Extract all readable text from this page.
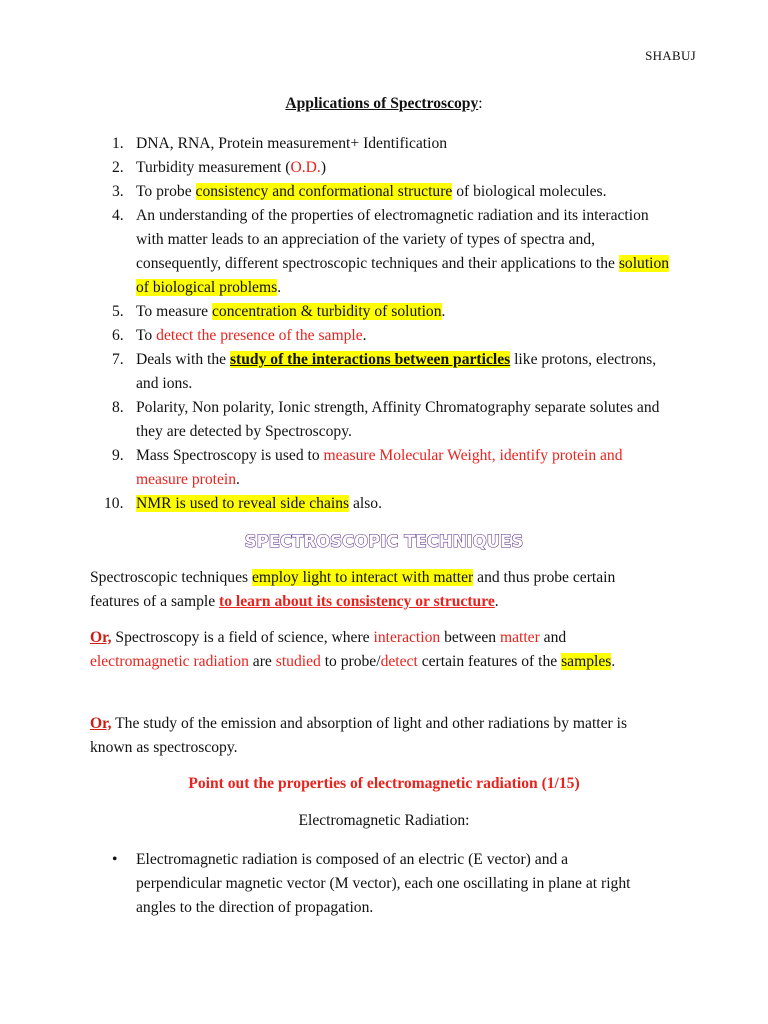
SHABUJ
Applications of Spectroscopy:
1. DNA, RNA, Protein measurement+ Identification
2. Turbidity measurement (O.D.)
3. To probe consistency and conformational structure of biological molecules.
4. An understanding of the properties of electromagnetic radiation and its interaction with matter leads to an appreciation of the variety of types of spectra and, consequently, different spectroscopic techniques and their applications to the solution of biological problems.
5. To measure concentration & turbidity of solution.
6. To detect the presence of the sample.
7. Deals with the study of the interactions between particles like protons, electrons, and ions.
8. Polarity, Non polarity, Ionic strength, Affinity Chromatography separate solutes and they are detected by Spectroscopy.
9. Mass Spectroscopy is used to measure Molecular Weight, identify protein and measure protein.
10. NMR is used to reveal side chains also.
SPECTROSCOPIC TECHNIQUES
Spectroscopic techniques employ light to interact with matter and thus probe certain features of a sample to learn about its consistency or structure.
Or, Spectroscopy is a field of science, where interaction between matter and electromagnetic radiation are studied to probe/detect certain features of the samples.
Or, The study of the emission and absorption of light and other radiations by matter is known as spectroscopy.
Point out the properties of electromagnetic radiation (1/15)
Electromagnetic Radiation:
•	Electromagnetic radiation is composed of an electric (E vector) and a perpendicular magnetic vector (M vector), each one oscillating in plane at right angles to the direction of propagation.
